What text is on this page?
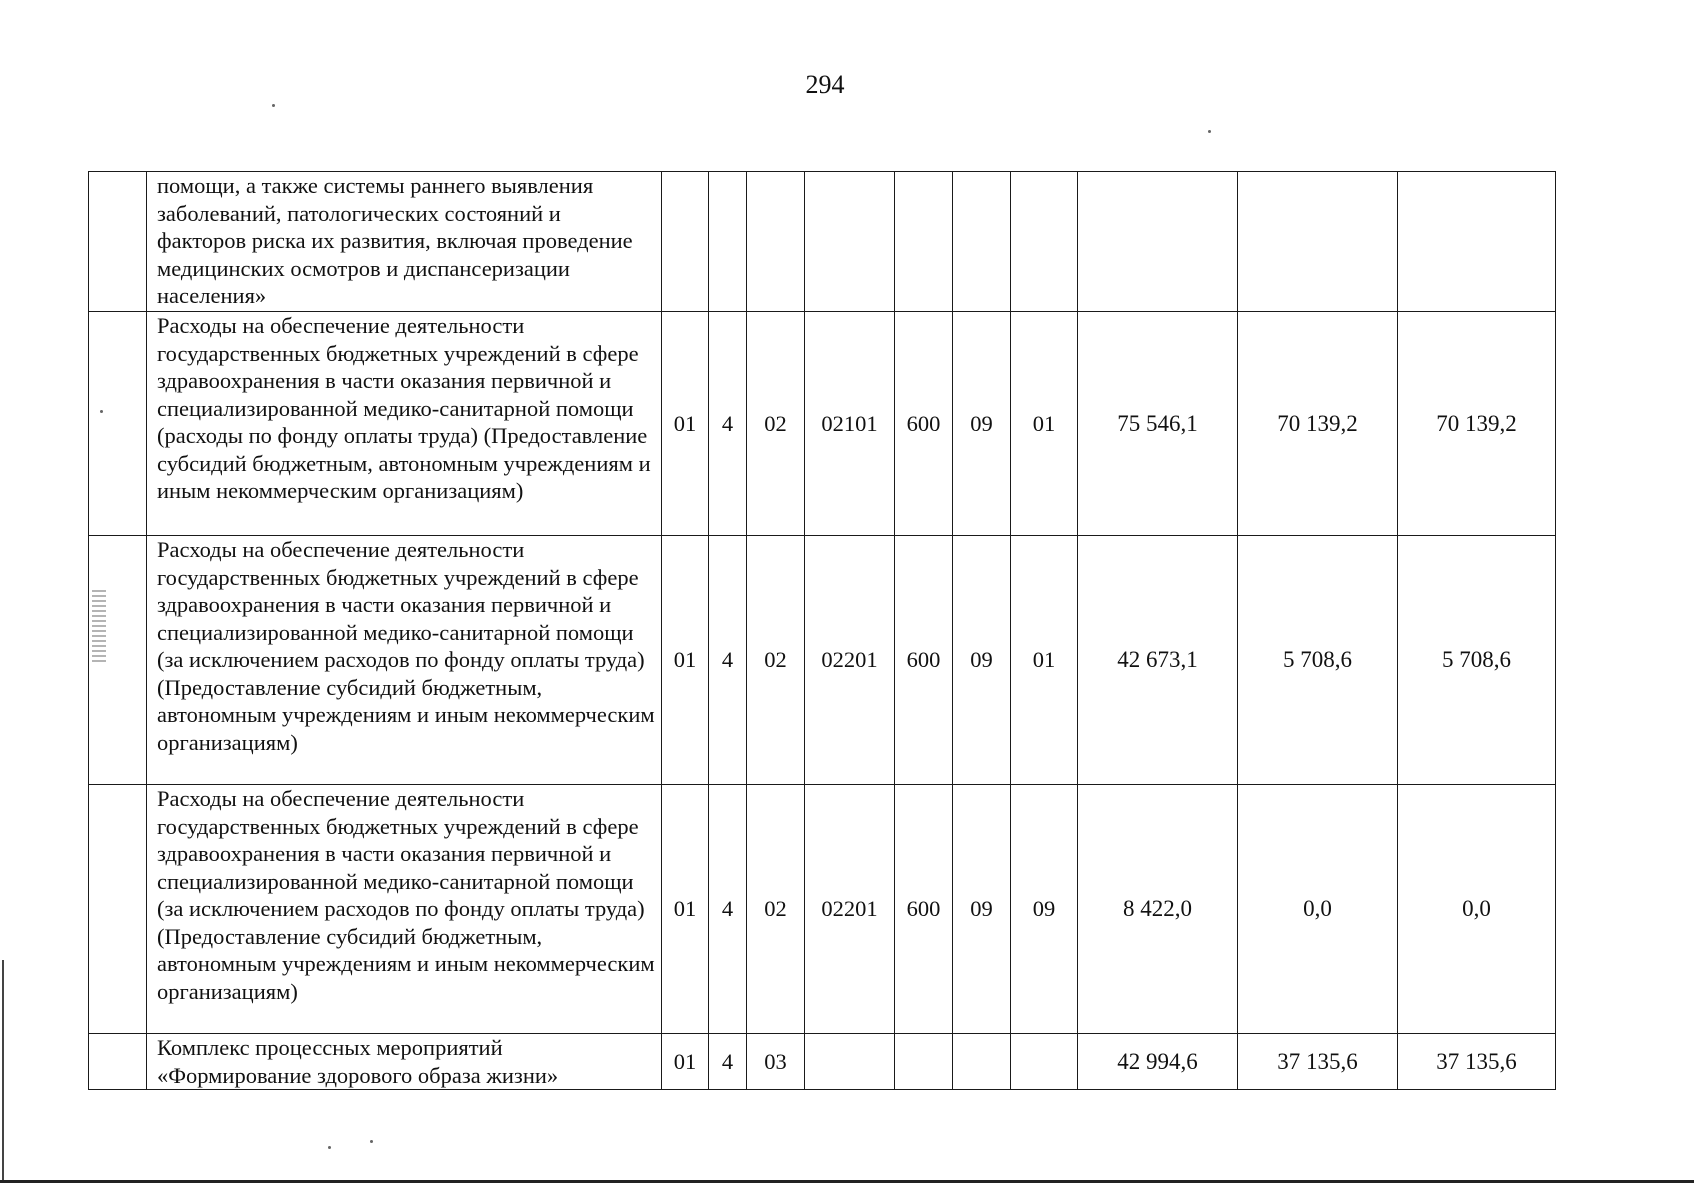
294
	помощи, а также системы раннего выявления заболеваний, патологических состояний и факторов риска их развития, включая проведение медицинских осмотров и диспансеризации населения»										
	Расходы на обеспечение деятельности государственных бюджетных учреждений в сфере здравоохранения в части оказания первичной и специализированной медико-санитарной помощи (расходы по фонду оплаты труда) (Предоставление субсидий бюджетным, автономным учреждениям и иным некоммерческим организациям)	01	4	02	02101	600	09	01	75 546,1	70 139,2	70 139,2
	Расходы на обеспечение деятельности государственных бюджетных учреждений в сфере здравоохранения в части оказания первичной и специализированной медико-санитарной помощи (за исключением расходов по фонду оплаты труда) (Предоставление субсидий бюджетным, автономным учреждениям и иным некоммерческим организациям)	01	4	02	02201	600	09	01	42 673,1	5 708,6	5 708,6
	Расходы на обеспечение деятельности государственных бюджетных учреждений в сфере здравоохранения в части оказания первичной и специализированной медико-санитарной помощи (за исключением расходов по фонду оплаты труда) (Предоставление субсидий бюджетным, автономным учреждениям и иным некоммерческим организациям)	01	4	02	02201	600	09	09	8 422,0	0,0	0,0
	Комплекс процессных мероприятий «Формирование здорового образа жизни»	01	4	03					42 994,6	37 135,6	37 135,6
